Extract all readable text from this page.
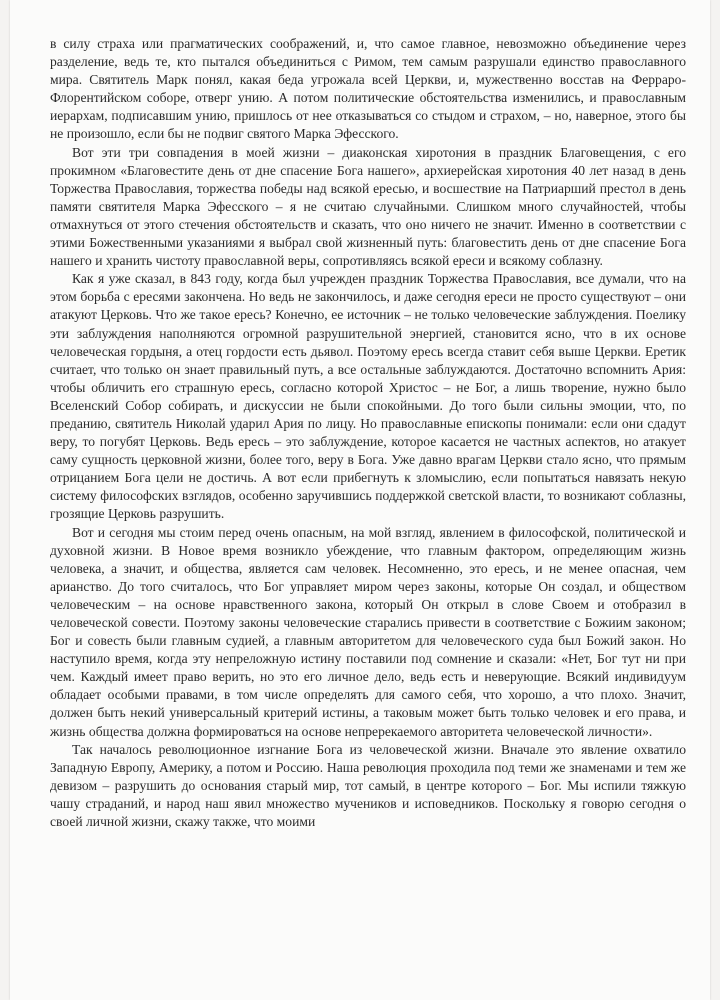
в силу страха или прагматических соображений, и, что самое главное, невозможно объединение через разделение, ведь те, кто пытался объединиться с Римом, тем самым разрушали единство православного мира. Святитель Марк понял, какая беда угрожала всей Церкви, и, мужественно восстав на Ферраро-Флорентийском соборе, отверг унию. А потом политические обстоятельства изменились, и православным иерархам, подписавшим унию, пришлось от нее отказываться со стыдом и страхом, – но, наверное, этого бы не произошло, если бы не подвиг святого Марка Эфесского.

Вот эти три совпадения в моей жизни – диаконская хиротония в праздник Благовещения, с его прокимном «Благовестите день от дне спасение Бога нашего», архиерейская хиротония 40 лет назад в день Торжества Православия, торжества победы над всякой ересью, и восшествие на Патриарший престол в день памяти святителя Марка Эфесского – я не считаю случайными. Слишком много случайностей, чтобы отмахнуться от этого стечения обстоятельств и сказать, что оно ничего не значит. Именно в соответствии с этими Божественными указаниями я выбрал свой жизненный путь: благовестить день от дне спасение Бога нашего и хранить чистоту православной веры, сопротивляясь всякой ереси и всякому соблазну.

Как я уже сказал, в 843 году, когда был учрежден праздник Торжества Православия, все думали, что на этом борьба с ересями закончена. Но ведь не закончилось, и даже сегодня ереси не просто существуют – они атакуют Церковь. Что же такое ересь? Конечно, ее источник – не только человеческие заблуждения. Поелику эти заблуждения наполняются огромной разрушительной энергией, становится ясно, что в их основе человеческая гордыня, а отец гордости есть дьявол. Поэтому ересь всегда ставит себя выше Церкви. Еретик считает, что только он знает правильный путь, а все остальные заблуждаются. Достаточно вспомнить Ария: чтобы обличить его страшную ересь, согласно которой Христос – не Бог, а лишь творение, нужно было Вселенский Собор собирать, и дискуссии не были спокойными. До того были сильны эмоции, что, по преданию, святитель Николай ударил Ария по лицу. Но православные епископы понимали: если они сдадут веру, то погубят Церковь. Ведь ересь – это заблуждение, которое касается не частных аспектов, но атакует саму сущность церковной жизни, более того, веру в Бога. Уже давно врагам Церкви стало ясно, что прямым отрицанием Бога цели не достичь. А вот если прибегнуть к зломыслию, если попытаться навязать некую систему философских взглядов, особенно заручившись поддержкой светской власти, то возникают соблазны, грозящие Церковь разрушить.

Вот и сегодня мы стоим перед очень опасным, на мой взгляд, явлением в философской, политической и духовной жизни. В Новое время возникло убеждение, что главным фактором, определяющим жизнь человека, а значит, и общества, является сам человек. Несомненно, это ересь, и не менее опасная, чем арианство. До того считалось, что Бог управляет миром через законы, которые Он создал, и обществом человеческим – на основе нравственного закона, который Он открыл в слове Своем и отобразил в человеческой совести. Поэтому законы человеческие старались привести в соответствие с Божиим законом; Бог и совесть были главным судией, а главным авторитетом для человеческого суда был Божий закон. Но наступило время, когда эту непреложную истину поставили под сомнение и сказали: «Нет, Бог тут ни при чем. Каждый имеет право верить, но это его личное дело, ведь есть и неверующие. Всякий индивидуум обладает особыми правами, в том числе определять для самого себя, что хорошо, а что плохо. Значит, должен быть некий универсальный критерий истины, а таковым может быть только человек и его права, и жизнь общества должна формироваться на основе непререкаемого авторитета человеческой личности».

Так началось революционное изгнание Бога из человеческой жизни. Вначале это явление охватило Западную Европу, Америку, а потом и Россию. Наша революция проходила под теми же знаменами и тем же девизом – разрушить до основания старый мир, тот самый, в центре которого – Бог. Мы испили тяжкую чашу страданий, и народ наш явил множество мучеников и исповедников. Поскольку я говорю сегодня о своей личной жизни, скажу также, что моими
